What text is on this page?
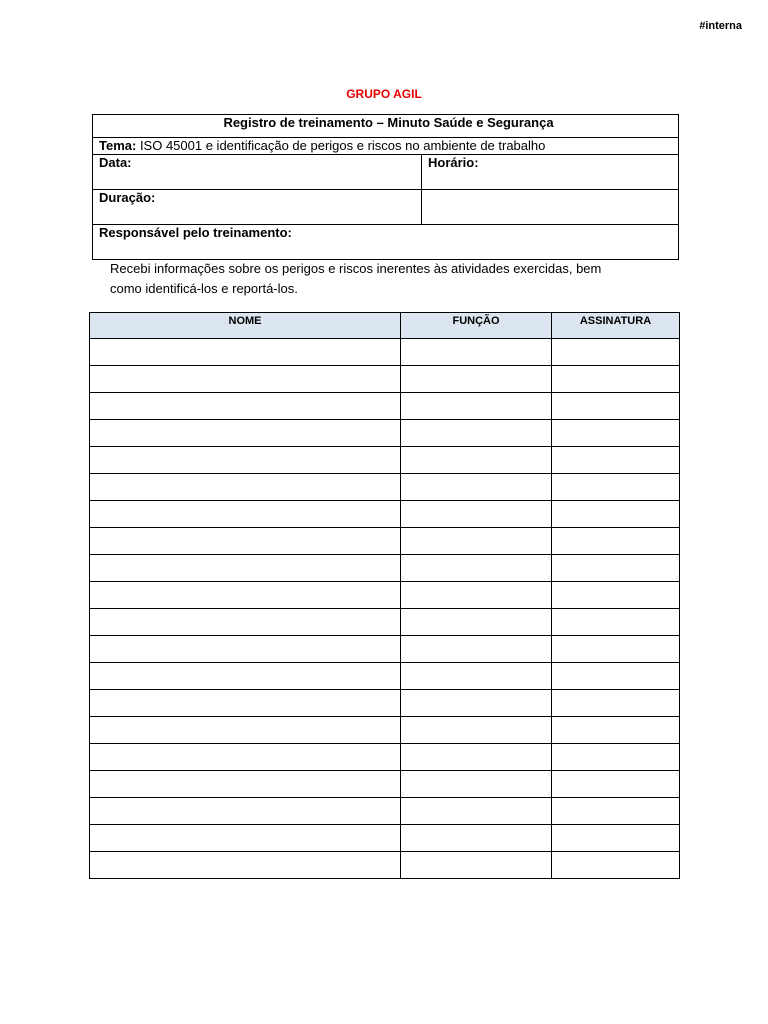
#interna
GRUPO AGIL
Registro de treinamento – Minuto Saúde e Segurança	
Tema: ISO 45001 e identificação de perigos e riscos no ambiente de trabalho	
Data:	Horário:
Duração:	
Responsável pelo treinamento:	
Recebi informações sobre os perigos e riscos inerentes às atividades exercidas, bem
como identificá-los e reportá-los.
NOME	FUNÇÃO	ASSINATURA
